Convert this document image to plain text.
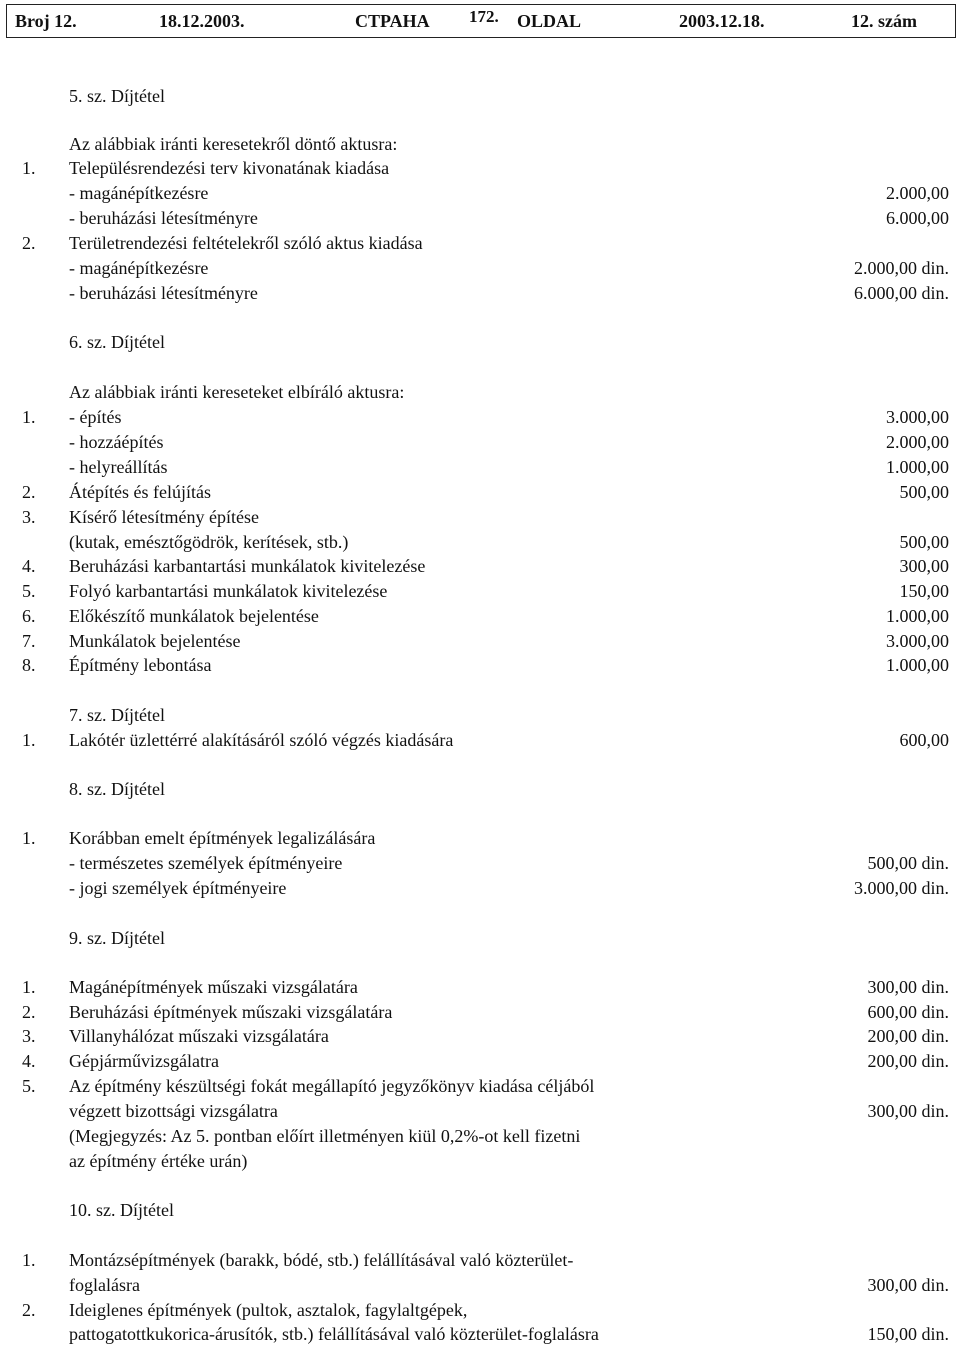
Broj 12.	18.12.2003.	CTPAHA 172. OLDAL	2003.12.18.	12. szám
5. sz. Díjtétel
Az alábbiak iránti keresetekről döntő aktusra:
1. Településrendezési terv kivonatának kiadása
- magánépítkezésre	2.000,00
- beruházási létesítményre	6.000,00
2. Területrendezési feltételekről szóló aktus kiadása
- magánépítkezésre	2.000,00 din.
- beruházási létesítményre	6.000,00 din.
6. sz. Díjtétel
Az alábbiak iránti kereseteket elbíráló aktusra:
1. - építés	3.000,00
- hozzáépítés	2.000,00
- helyreállítás	1.000,00
2. Átépítés és felújítás	500,00
3. Kísérő létesítmény építése
(kutak, emésztőgödrök, kerítések, stb.)	500,00
4. Beruházási karbantartási munkálatok kivitelezése	300,00
5. Folyó karbantartási munkálatok kivitelezése	150,00
6. Előkészítő munkálatok bejelentése	1.000,00
7. Munkálatok bejelentése	3.000,00
8. Építmény lebontása	1.000,00
7. sz. Díjtétel
1. Lakótér üzlettérré alakításáról szóló végzés kiadására	600,00
8. sz. Díjtétel
1. Korábban emelt építmények legalizálására
- természetes személyek építményeire	500,00 din.
- jogi személyek építményeire	3.000,00 din.
9. sz. Díjtétel
1. Magánépítmények műszaki vizsgálatára	300,00 din.
2. Beruházási építmények műszaki vizsgálatára	600,00 din.
3. Villanyhálózat műszaki vizsgálatára	200,00 din.
4. Gépjárművizsgálatra	200,00 din.
5. Az építmény készültségi fokát megállapító jegyzőkönyv kiadása céljából
végzett bizottsági vizsgálatra	300,00 din.
(Megjegyzés: Az 5. pontban előírt illetményen kiül 0,2%-ot kell fizetni
az építmény értéke urán)
10. sz. Díjtétel
1. Montázsépítmények (barakk, bódé, stb.) felállításával való közterület-
foglalásra	300,00 din.
2. Ideiglenes építmények (pultok, asztalok, fagylaltgépek,
pattogatottkukorica-árusítók, stb.) felállításával való közterület-foglalásra	150,00 din.
